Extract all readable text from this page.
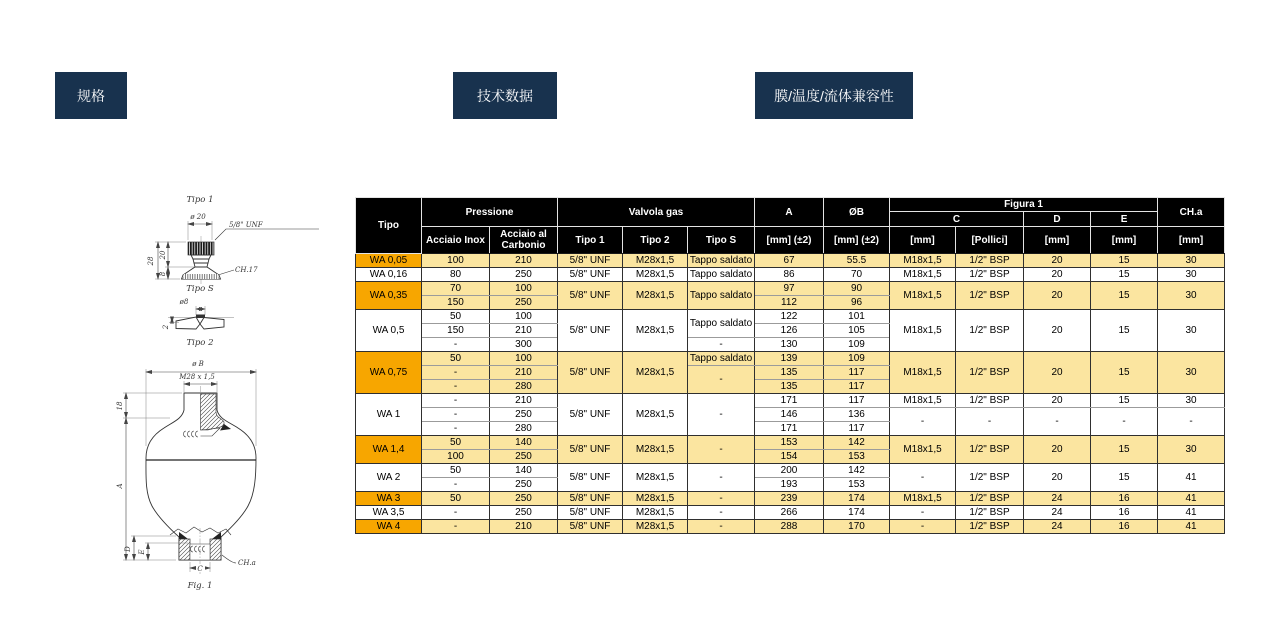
规格	技术数据	膜/温度/流体兼容性
Tipo 1
ø 20
5/8" UNF
CH.17
28
20
8
Tipo S
ø8
2
Tipo 2
ø B
M28 x 1,5
18
A
D
E
C
CH.a
Fig. 1
Tipo	Pressione		Valvola gas			A	ØB	Figura 1				CH.a
								C		D	E	
	Acciaio Inox	Acciaio al Carbonio	Tipo 1	Tipo 2	Tipo S	[mm] (±2)	[mm] (±2)	[mm]	[Pollici]	[mm]	[mm]	[mm]
WA 0,05	100	210	5/8" UNF	M28x1,5	Tappo saldato	67	55.5	M18x1,5	1/2" BSP	20	15	30
WA 0,16	80	250	5/8" UNF	M28x1,5	Tappo saldato	86	70	M18x1,5	1/2" BSP	20	15	30
WA 0,35	70	100	5/8" UNF	M28x1,5	Tappo saldato	97	90	M18x1,5	1/2" BSP	20	15	30
	150	250				112	96					
WA 0,5	50	100	5/8" UNF	M28x1,5	Tappo saldato	122	101	M18x1,5	1/2" BSP	20	15	30
	150	210				126	105					
	-	300			-	130	109					
WA 0,75	50	100	5/8" UNF	M28x1,5	Tappo saldato	139	109	M18x1,5	1/2" BSP	20	15	30
	-	210			-	135	117					
	-	280				135	117					
WA 1	-	210	5/8" UNF	M28x1,5	-	171	117	M18x1,5	1/2" BSP	20	15	30
	-	250				146	136	-	-	-	-	-
	-	280				171	117					
WA 1,4	50	140	5/8" UNF	M28x1,5	-	153	142	M18x1,5	1/2" BSP	20	15	30
	100	250				154	153					
WA 2	50	140	5/8" UNF	M28x1,5	-	200	142	-	1/2" BSP	20	15	41
	-	250				193	153					
WA 3	50	250	5/8" UNF	M28x1,5	-	239	174	M18x1,5	1/2" BSP	24	16	41
WA 3,5	-	250	5/8" UNF	M28x1,5	-	266	174	-	1/2" BSP	24	16	41
WA 4	-	210	5/8" UNF	M28x1,5	-	288	170	-	1/2" BSP	24	16	41
